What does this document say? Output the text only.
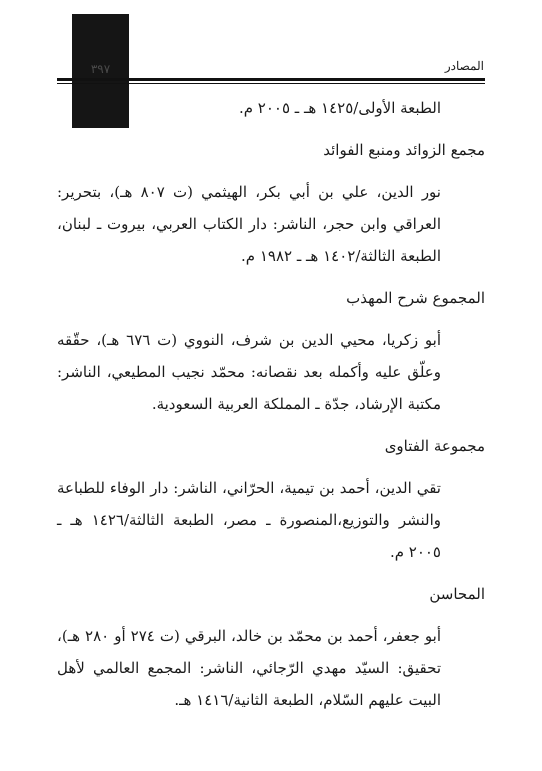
٣٩٧	المصادر

الطبعة الأولى/١٤٢٥ هـ ـ ٢٠٠٥ م.

مجمع الزوائد ومنبع الفوائد

نور الدين، علي بن أبي بكر، الهيثمي (ت ٨٠٧ هـ)، بتحرير: العراقي وابن حجر، الناشر: دار الكتاب العربي، بيروت ـ لبنان، الطبعة الثالثة/١٤٠٢ هـ ـ ١٩٨٢ م.

المجموع شرح المهذب

أبو زكريا، محيي الدين بن شرف، النووي (ت ٦٧٦ هـ)، حقّقه وعلّق عليه وأكمله بعد نقصانه: محمّد نجيب المطيعي، الناشر: مكتبة الإرشاد، جدّة ـ المملكة العربية السعودية.

مجموعة الفتاوى

تقي الدين، أحمد بن تيمية، الحرّاني، الناشر: دار الوفاء للطباعة والنشر والتوزيع،المنصورة ـ مصر، الطبعة الثالثة/١٤٢٦ هـ ـ ٢٠٠٥ م.

المحاسن

أبو جعفر، أحمد بن محمّد بن خالد، البرقي (ت ٢٧٤ أو ٢٨٠ هـ)، تحقيق: السيّد مهدي الرّجائي، الناشر: المجمع العالمي لأهل البيت عليهم السّلام، الطبعة الثانية/١٤١٦ هـ.
